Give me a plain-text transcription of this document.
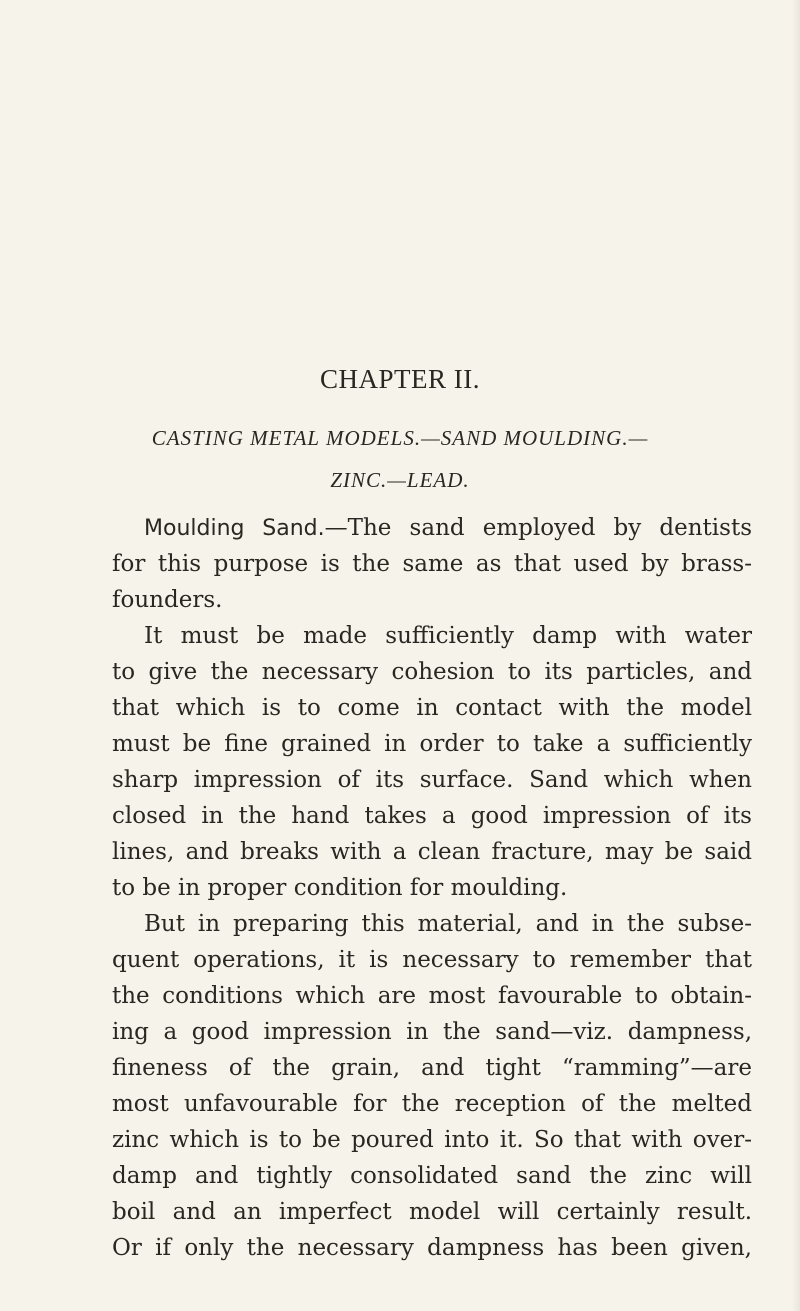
CHAPTER II.

CASTING METAL MODELS.—SAND MOULDING.—

ZINC.—LEAD.

Moulding Sand.—The sand employed by dentists
for this purpose is the same as that used by brass-
founders.
It must be made sufficiently damp with water
to give the necessary cohesion to its particles, and
that which is to come in contact with the model
must be fine grained in order to take a sufficiently
sharp impression of its surface. Sand which when
closed in the hand takes a good impression of its
lines, and breaks with a clean fracture, may be said
to be in proper condition for moulding.
But in preparing this material, and in the subse-
quent operations, it is necessary to remember that
the conditions which are most favourable to obtain-
ing a good impression in the sand—viz. dampness,
fineness of the grain, and tight “ramming”—are
most unfavourable for the reception of the melted
zinc which is to be poured into it. So that with over-
damp and tightly consolidated sand the zinc will
boil and an imperfect model will certainly result.
Or if only the necessary dampness has been given,
